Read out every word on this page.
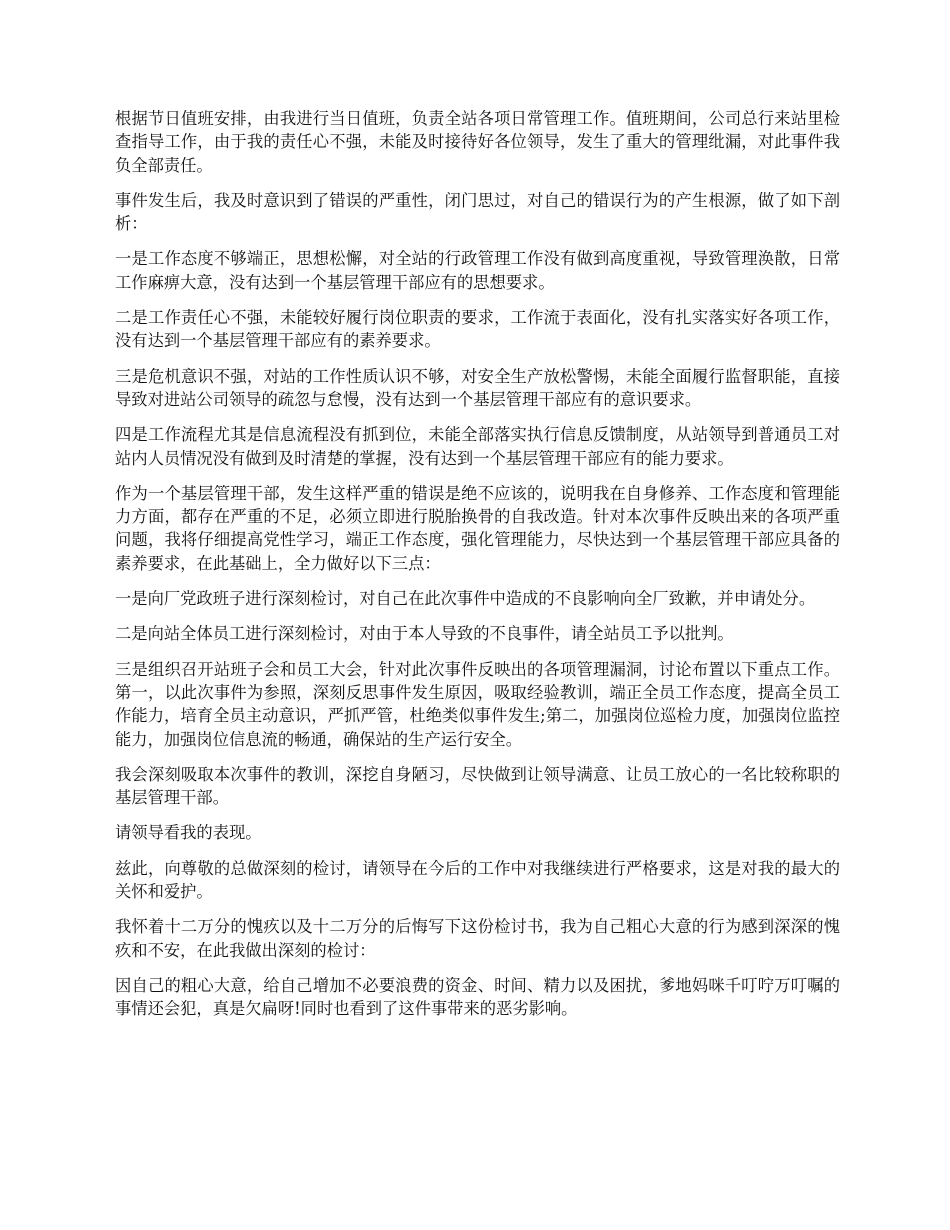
根据节日值班安排，由我进行当日值班，负责全站各项日常管理工作。值班期间，公司总行来站里检查指导工作，由于我的责任心不强，未能及时接待好各位领导，发生了重大的管理纰漏，对此事件我负全部责任。

事件发生后，我及时意识到了错误的严重性，闭门思过，对自己的错误行为的产生根源，做了如下剖析：

一是工作态度不够端正，思想松懈，对全站的行政管理工作没有做到高度重视，导致管理涣散，日常工作麻痹大意，没有达到一个基层管理干部应有的思想要求。

二是工作责任心不强，未能较好履行岗位职责的要求，工作流于表面化，没有扎实落实好各项工作，没有达到一个基层管理干部应有的素养要求。

三是危机意识不强，对站的工作性质认识不够，对安全生产放松警惕，未能全面履行监督职能，直接导致对进站公司领导的疏忽与怠慢，没有达到一个基层管理干部应有的意识要求。

四是工作流程尤其是信息流程没有抓到位，未能全部落实执行信息反馈制度，从站领导到普通员工对站内人员情况没有做到及时清楚的掌握，没有达到一个基层管理干部应有的能力要求。

作为一个基层管理干部，发生这样严重的错误是绝不应该的，说明我在自身修养、工作态度和管理能力方面，都存在严重的不足，必须立即进行脱胎换骨的自我改造。针对本次事件反映出来的各项严重问题，我将仔细提高党性学习，端正工作态度，强化管理能力，尽快达到一个基层管理干部应具备的素养要求，在此基础上，全力做好以下三点：

一是向厂党政班子进行深刻检讨，对自己在此次事件中造成的不良影响向全厂致歉，并申请处分。

二是向站全体员工进行深刻检讨，对由于本人导致的不良事件，请全站员工予以批判。

三是组织召开站班子会和员工大会，针对此次事件反映出的各项管理漏洞，讨论布置以下重点工作。第一，以此次事件为参照，深刻反思事件发生原因，吸取经验教训，端正全员工作态度，提高全员工作能力，培育全员主动意识，严抓严管，杜绝类似事件发生;第二，加强岗位巡检力度，加强岗位监控能力，加强岗位信息流的畅通，确保站的生产运行安全。

我会深刻吸取本次事件的教训，深挖自身陋习，尽快做到让领导满意、让员工放心的一名比较称职的基层管理干部。

请领导看我的表现。

兹此，向尊敬的总做深刻的检讨，请领导在今后的工作中对我继续进行严格要求，这是对我的最大的关怀和爱护。

我怀着十二万分的愧疚以及十二万分的后悔写下这份检讨书，我为自己粗心大意的行为感到深深的愧疚和不安，在此我做出深刻的检讨：

因自己的粗心大意，给自己增加不必要浪费的资金、时间、精力以及困扰，爹地妈咪千叮咛万叮嘱的事情还会犯，真是欠扁呀!同时也看到了这件事带来的恶劣影响。
